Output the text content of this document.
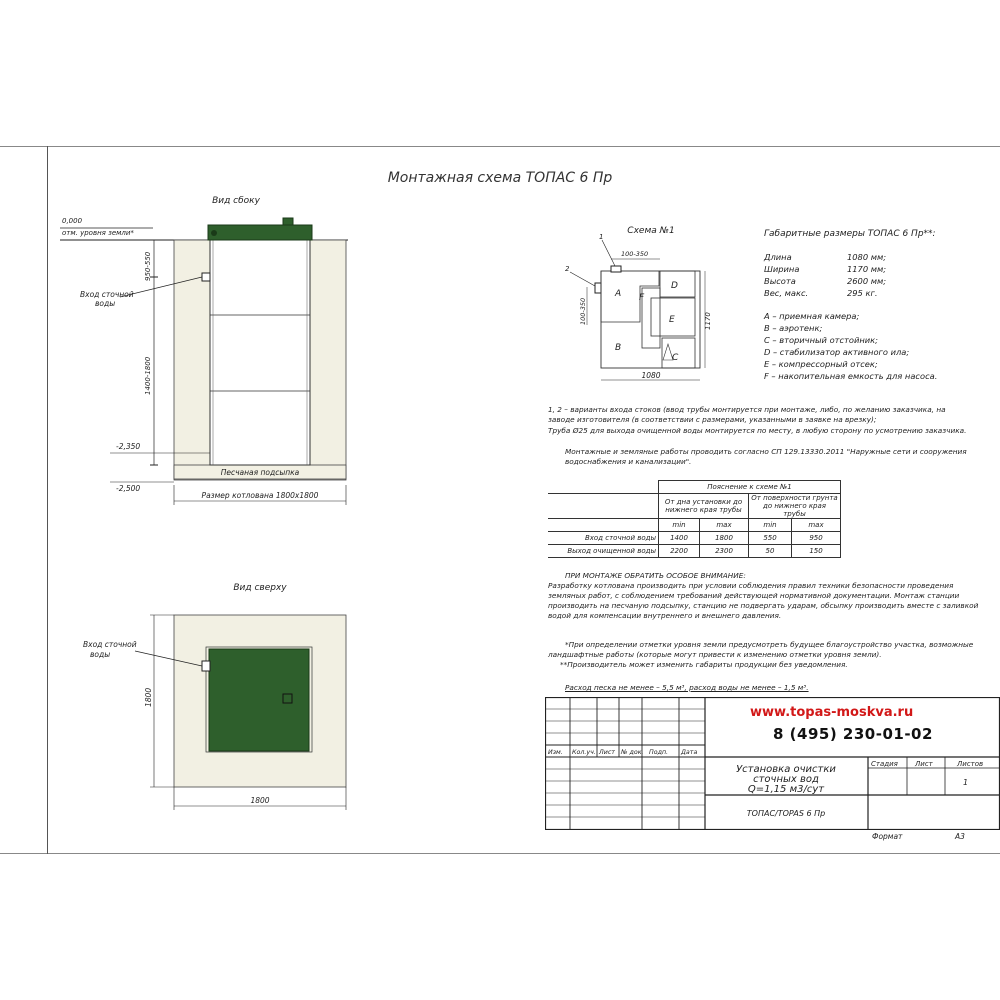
Монтажная схема ТОПАС 6 Пр
Вид сбоку
0,000
отм. уровня земли*
Песчаная подсыпка
Вход сточной
воды
950-550
1400-1800
-2,350
-2,500
Размер котлована 1800x1800
Вид сверху
Вход сточной
воды
1800
1800
Схема №1
A
B
C
D
E
F
1
2
100-350
100-350	1170
1080
Габаритные размеры ТОПАС 6 Пр**:
Длина	1080 мм;
Ширина	1170 мм;
Высота	2600 мм;
Вес, макс.	295 кг.
А – приемная камера;
В – аэротенк;
С – вторичный отстойник;
D – стабилизатор активного ила;
Е – компрессорный отсек;
F – накопительная емкость для насоса.
1, 2 – варианты входа стоков (ввод трубы монтируется при монтаже, либо, по желанию заказчика, на
заводе изготовителя (в соответствии с размерами, указанными в заявке на врезку);
Труба Ø25 для выхода очищенной воды монтируется по месту, в любую сторону по усмотрению заказчика.
Монтажные и земляные работы проводить согласно СП 129.13330.2011 "Наружные сети и сооружения
водоснабжения и канализации".
	Пояснение к схеме №1			
	От дна установки до
нижнего края трубы		От поверхности грунта
до нижнего края трубы	
	min	max	min	max
Вход сточной воды	1400	1800	550	950
Выход очищенной воды	2200	2300	50	150
ПРИ МОНТАЖЕ ОБРАТИТЬ ОСОБОЕ ВНИМАНИЕ:
Разработку котлована производить при условии соблюдения правил техники безопасности проведения
земляных работ, с соблюдением требований действующей нормативной документации. Монтаж станции
производить на песчаную подсыпку, станцию не подвергать ударам, обсыпку производить вместе с заливкой
водой для компенсации внутреннего и внешнего давления.
*При определении отметки уровня земли предусмотреть будущее благоустройство участка, возможные
ландшафтные работы (которые могут привести к изменению отметки уровня земли).
**Производитель может изменить габариты продукции без уведомления.
Расход песка не менее – 5,5 м³, расход воды не менее – 1,5 м³.
Изм. Кол.уч. Лист № док. Подп. Дата
Установка очистки
сточных вод
Q=1,15 м3/сут
Стадия Лист	Листов
1
ТОПАС/TOPAS 6 Пр
www.topas-moskva.ru
8 (495) 230-01-02
Формат	А3
